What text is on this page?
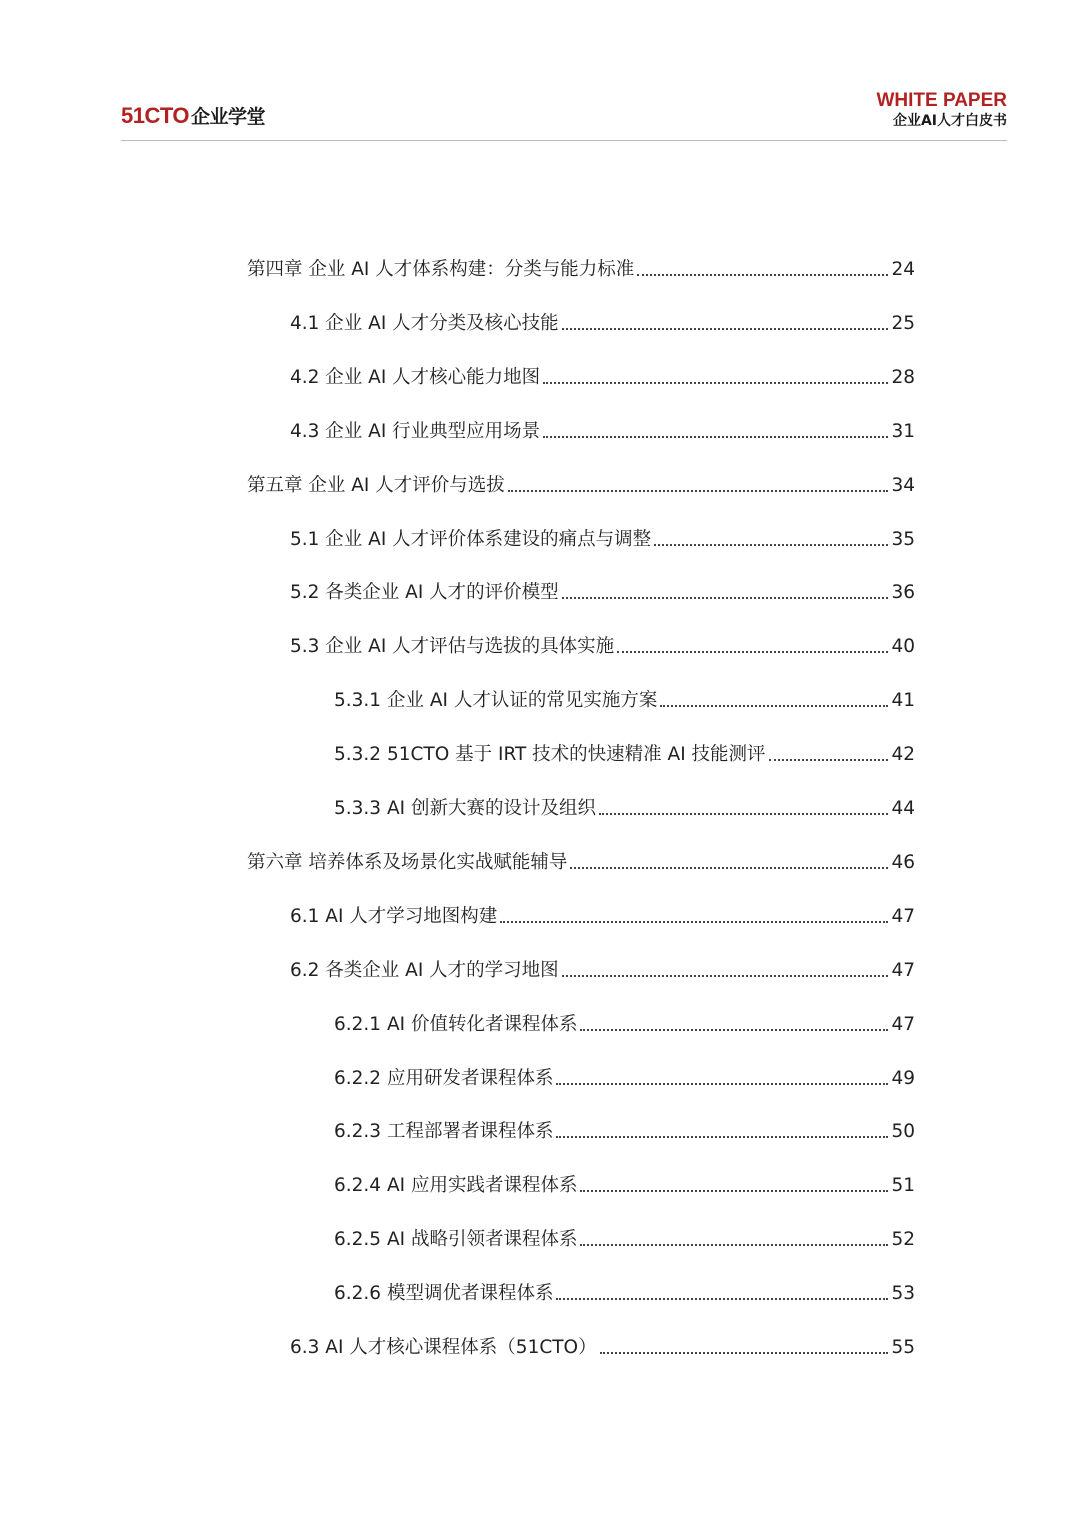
51CTO 企业学堂
WHITE PAPER
企业AI人才白皮书
第四章 企业 AI 人才体系构建：分类与能力标准	24
4.1 企业 AI 人才分类及核心技能	25
4.2 企业 AI 人才核心能力地图	28
4.3 企业 AI 行业典型应用场景	31
第五章 企业 AI 人才评价与选拔	34
5.1 企业 AI 人才评价体系建设的痛点与调整	35
5.2 各类企业 AI 人才的评价模型	36
5.3 企业 AI 人才评估与选拔的具体实施	40
5.3.1 企业 AI 人才认证的常见实施方案	41
5.3.2 51CTO 基于 IRT 技术的快速精准 AI 技能测评	42
5.3.3 AI 创新大赛的设计及组织	44
第六章 培养体系及场景化实战赋能辅导	46
6.1 AI 人才学习地图构建	47
6.2 各类企业 AI 人才的学习地图	47
6.2.1 AI 价值转化者课程体系	47
6.2.2 应用研发者课程体系	49
6.2.3 工程部署者课程体系	50
6.2.4 AI 应用实践者课程体系	51
6.2.5 AI 战略引领者课程体系	52
6.2.6 模型调优者课程体系	53
6.3 AI 人才核心课程体系（51CTO）	55
